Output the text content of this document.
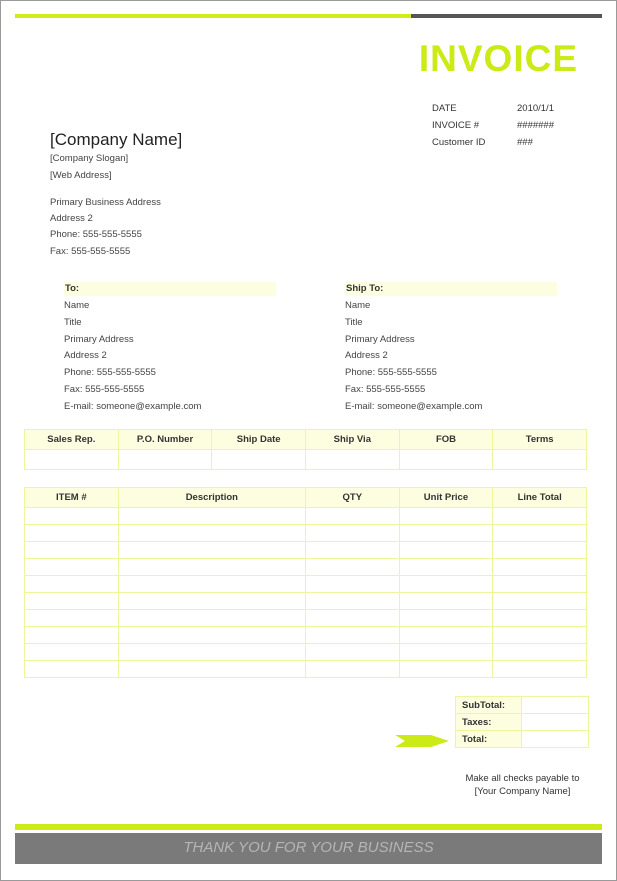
INVOICE
DATE	2010/1/1
INVOICE #	#######
Customer ID	###
[Company Name]
[Company Slogan]
[Web Address]
Primary Business Address
Address 2
Phone: 555-555-5555
Fax: 555-555-5555
To:
Name
Title
Primary Address
Address 2
Phone: 555-555-5555
Fax: 555-555-5555
E-mail: someone@example.com
Ship To:
Name
Title
Primary Address
Address 2
Phone: 555-555-5555
Fax: 555-555-5555
E-mail: someone@example.com
Sales Rep.	P.O. Number	Ship Date	Ship Via	FOB	Terms

ITEM #	Description	QTY	Unit Price	Line Total

SubTotal:	
Taxes:	
Total:	
Make all checks payable to
[Your Company Name]
THANK YOU FOR YOUR BUSINESS
